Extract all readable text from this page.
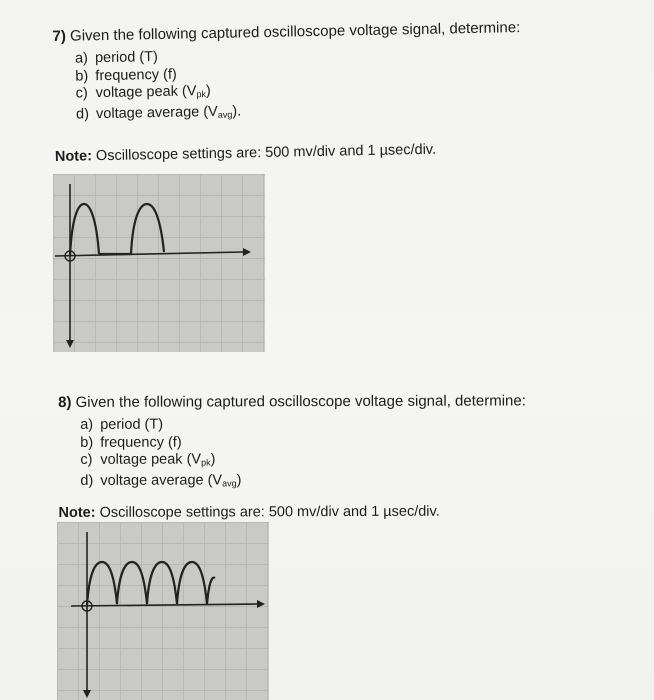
7) Given the following captured oscilloscope voltage signal, determine:
a) period (T)
b) frequency (f)
c) voltage peak $(V_{pk})$
d) voltage average $(V_{avg})$.
Note: Oscilloscope settings are: 500 mv/div and 1 µsec/div.
8) Given the following captured oscilloscope voltage signal, determine:
a) period (T)
b) frequency (f)
c) voltage peak $(V_{pk})$
d) voltage average $(V_{avg})$
Note: Oscilloscope settings are: 500 mv/div and 1 µsec/div.
